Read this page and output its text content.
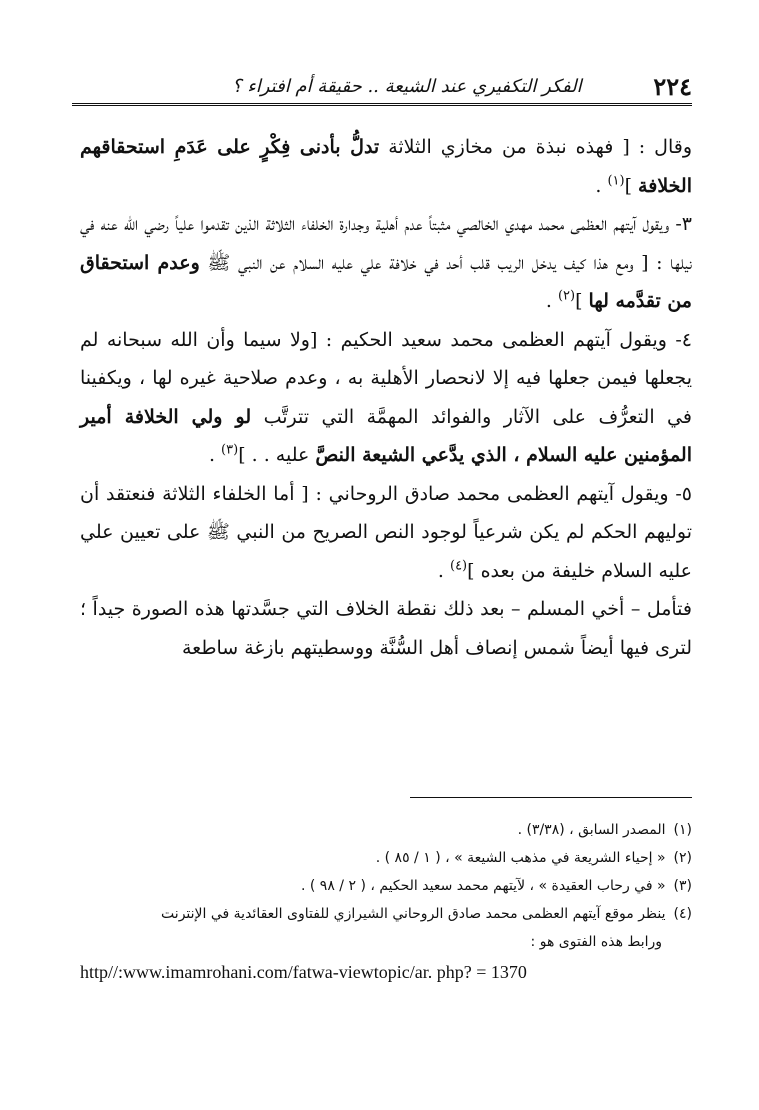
الفكر التكفيري عند الشيعة .. حقيقة أم افتراء ؟	٢٢٤

وقال : [ فهذه نبذة من مخازي الثلاثة تدلُّ بأدنى فِكْرٍ على عَدَمِ استحقاقهم الخلافة ]$^{(١)}$ .

٣- ويقول آيتهم العظمى محمد مهدي الخالصي مثبتاً عدم أهلية وجدارة الخلفاء الثلاثة الذين تقدموا علياً رضي الله عنه في نيلها : [ ومع هذا كيف يدخل الريب قلب أحد في خلافة علي عليه السلام عن النبي ﷺ وعدم استحقاق من تقدَّمه لها ]$^{(٢)}$ .

٤- ويقول آيتهم العظمى محمد سعيد الحكيم : [ولا سيما وأن الله سبحانه لم يجعلها فيمن جعلها فيه إلا لانحصار الأهلية به ، وعدم صلاحية غيره لها ، ويكفينا في التعرُّف على الآثار والفوائد المهمَّة التي تترتَّب لو ولي الخلافة أمير المؤمنين عليه السلام ، الذي يدَّعي الشيعة النصَّ عليه . . ]$^{(٣)}$ .

٥- ويقول آيتهم العظمى محمد صادق الروحاني : [ أما الخلفاء الثلاثة فنعتقد أن توليهم الحكم لم يكن شرعياً لوجود النص الصريح من النبي ﷺ على تعيين علي عليه السلام خليفة من بعده ]$^{(٤)}$ .

فتأمل – أخي المسلم – بعد ذلك نقطة الخلاف التي جسَّدتها هذه الصورة جيداً ؛ لترى فيها أيضاً شمس إنصاف أهل السُّنَّة ووسطيتهم بازغة ساطعة

(١)المصدر السابق ، (٣/٣٨) .
(٢)« إحياء الشريعة في مذهب الشيعة » ، ( ١ / ٨٥ ) .
(٣)« في رحاب العقيدة » ، لآيتهم محمد سعيد الحكيم ، ( ٢ / ٩٨ ) .
(٤)ينظر موقع آيتهم العظمى محمد صادق الروحاني الشيرازي للفتاوى العقائدية في الإنترنت
ورابط هذه الفتوى هو :
http//:www.imamrohani.com/fatwa-viewtopic/ar. php? = 1370
